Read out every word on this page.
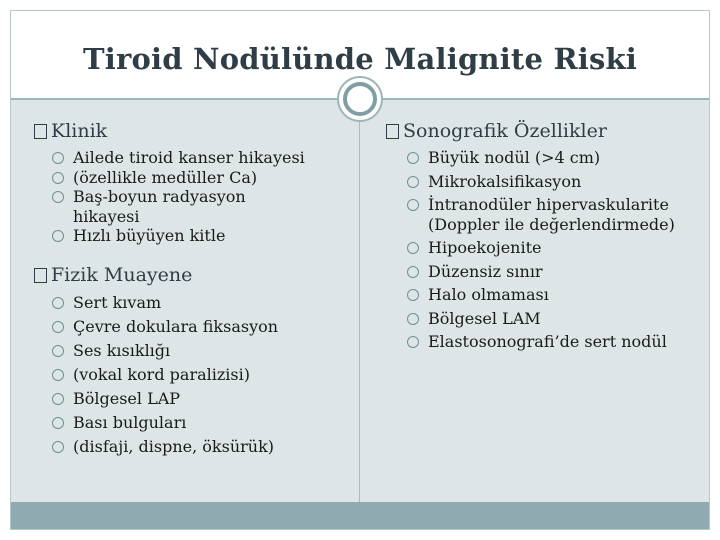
Tiroid Nodülünde Malignite Riski
Klinik
Ailede tiroid kanser hikayesi
(özellikle medüller Ca)
Baş-boyun radyasyon hikayesi
Hızlı büyüyen kitle
Fizik Muayene
Sert kıvam
Çevre dokulara fiksasyon
Ses kısıklığı
(vokal kord paralizisi)
Bölgesel LAP
Bası bulguları
(disfaji, dispne, öksürük)
Sonografik Özellikler
Büyük nodül (>4 cm)
Mikrokalsifikasyon
İntranodüler hipervaskularite (Doppler ile değerlendirmede)
Hipoekojenite
Düzensiz sınır
Halo olmaması
Bölgesel LAM
Elastosonografi’de sert nodül
